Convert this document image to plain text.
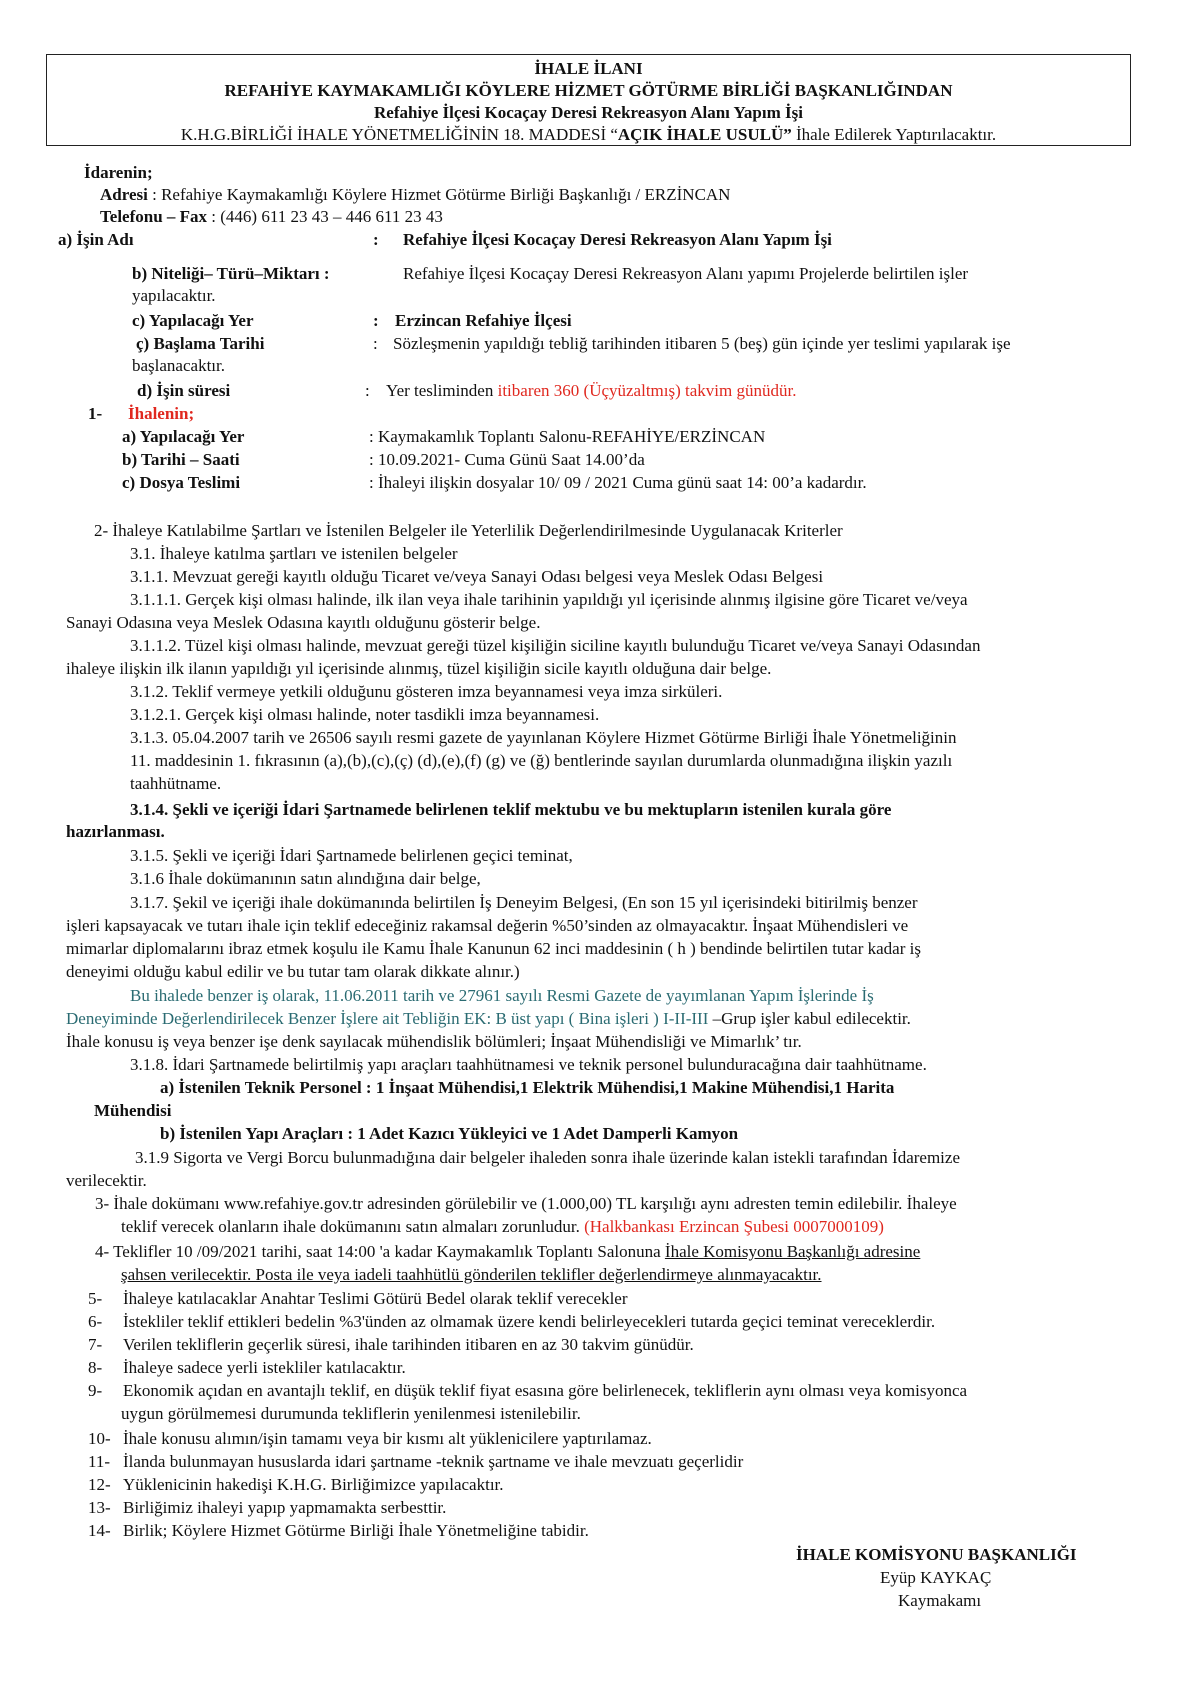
İHALE İLANI
REFAHİYE KAYMAKAMLIĞI KÖYLERE HİZMET GÖTÜRME BİRLİĞİ BAŞKANLIĞINDAN
Refahiye İlçesi Kocaçay Deresi Rekreasyon Alanı Yapım İşi
K.H.G.BİRLİĞİ İHALE YÖNETMELİĞİNİN 18. MADDESİ “AÇIK İHALE USULÜ” İhale Edilerek Yaptırılacaktır.
İdarenin;
Adresi : Refahiye Kaymakamlığı Köylere Hizmet Götürme Birliği Başkanlığı / ERZİNCAN
Telefonu – Fax : (446) 611 23 43 – 446 611 23 43
a) İşin Adı	: Refahiye İlçesi Kocaçay Deresi Rekreasyon Alanı Yapım İşi
b) Niteliği– Türü–Miktarı :	Refahiye İlçesi Kocaçay Deresi Rekreasyon Alanı yapımı Projelerde belirtilen işler
yapılacaktır.
c) Yapılacağı Yer	: Erzincan Refahiye İlçesi
ç) Başlama Tarihi	: Sözleşmenin yapıldığı tebliğ tarihinden itibaren 5 (beş) gün içinde yer teslimi yapılarak işe
başlanacaktır.
d) İşin süresi	: Yer tesliminden itibaren 360 (Üçyüzaltmış) takvim günüdür.
1- İhalenin;
a) Yapılacağı Yer	: Kaymakamlık Toplantı Salonu-REFAHİYE/ERZİNCAN
b) Tarihi – Saati	: 10.09.2021- Cuma Günü Saat 14.00’da
c) Dosya Teslimi	: İhaleyi ilişkin dosyalar 10/ 09 / 2021 Cuma günü saat 14: 00’a kadardır.
2- İhaleye Katılabilme Şartları ve İstenilen Belgeler ile Yeterlilik Değerlendirilmesinde Uygulanacak Kriterler
3.1. İhaleye katılma şartları ve istenilen belgeler
3.1.1. Mevzuat gereği kayıtlı olduğu Ticaret ve/veya Sanayi Odası belgesi veya Meslek Odası Belgesi
3.1.1.1. Gerçek kişi olması halinde, ilk ilan veya ihale tarihinin yapıldığı yıl içerisinde alınmış ilgisine göre Ticaret ve/veya
Sanayi Odasına veya Meslek Odasına kayıtlı olduğunu gösterir belge.
3.1.1.2. Tüzel kişi olması halinde, mevzuat gereği tüzel kişiliğin siciline kayıtlı bulunduğu Ticaret ve/veya Sanayi Odasından
ihaleye ilişkin ilk ilanın yapıldığı yıl içerisinde alınmış, tüzel kişiliğin sicile kayıtlı olduğuna dair belge.
3.1.2. Teklif vermeye yetkili olduğunu gösteren imza beyannamesi veya imza sirküleri.
3.1.2.1. Gerçek kişi olması halinde, noter tasdikli imza beyannamesi.
3.1.3. 05.04.2007 tarih ve 26506 sayılı resmi gazete de yayınlanan Köylere Hizmet Götürme Birliği İhale Yönetmeliğinin
11. maddesinin 1. fıkrasının (a),(b),(c),(ç) (d),(e),(f) (g) ve (ğ) bentlerinde sayılan durumlarda olunmadığına ilişkin yazılı
taahhütname.
3.1.4. Şekli ve içeriği İdari Şartnamede belirlenen teklif mektubu ve bu mektupların istenilen kurala göre
hazırlanması.
3.1.5. Şekli ve içeriği İdari Şartnamede belirlenen geçici teminat,
3.1.6 İhale dokümanının satın alındığına dair belge,
3.1.7. Şekil ve içeriği ihale dokümanında belirtilen İş Deneyim Belgesi, (En son 15 yıl içerisindeki bitirilmiş benzer
işleri kapsayacak ve tutarı ihale için teklif edeceğiniz rakamsal değerin %50’sinden az olmayacaktır. İnşaat Mühendisleri ve
mimarlar diplomalarını ibraz etmek koşulu ile Kamu İhale Kanunun 62 inci maddesinin ( h ) bendinde belirtilen tutar kadar iş
deneyimi olduğu kabul edilir ve bu tutar tam olarak dikkate alınır.)
Bu ihalede benzer iş olarak, 11.06.2011 tarih ve 27961 sayılı Resmi Gazete de yayımlanan Yapım İşlerinde İş
Deneyiminde Değerlendirilecek Benzer İşlere ait Tebliğin EK: B üst yapı ( Bina işleri ) I-II-III –Grup işler kabul edilecektir.
İhale konusu iş veya benzer işe denk sayılacak mühendislik bölümleri; İnşaat Mühendisliği ve Mimarlık’ tır.
3.1.8. İdari Şartnamede belirtilmiş yapı araçları taahhütnamesi ve teknik personel bulunduracağına dair taahhütname.
a) İstenilen Teknik Personel : 1 İnşaat Mühendisi,1 Elektrik Mühendisi,1 Makine Mühendisi,1 Harita
Mühendisi
b) İstenilen Yapı Araçları : 1 Adet Kazıcı Yükleyici ve 1 Adet Damperli Kamyon
3.1.9 Sigorta ve Vergi Borcu bulunmadığına dair belgeler ihaleden sonra ihale üzerinde kalan istekli tarafından İdaremize
verilecektir.
3- İhale dokümanı www.refahiye.gov.tr adresinden görülebilir ve (1.000,00) TL karşılığı aynı adresten temin edilebilir. İhaleye
teklif verecek olanların ihale dokümanını satın almaları zorunludur. (Halkbankası Erzincan Şubesi 0007000109)
4- Teklifler 10 /09/2021 tarihi, saat 14:00 'a kadar Kaymakamlık Toplantı Salonuna İhale Komisyonu Başkanlığı adresine
şahsen verilecektir. Posta ile veya iadeli taahhütlü gönderilen teklifler değerlendirmeye alınmayacaktır.
5- İhaleye katılacaklar Anahtar Teslimi Götürü Bedel olarak teklif verecekler
6- İstekliler teklif ettikleri bedelin %3'ünden az olmamak üzere kendi belirleyecekleri tutarda geçici teminat vereceklerdir.
7- Verilen tekliflerin geçerlik süresi, ihale tarihinden itibaren en az 30 takvim günüdür.
8- İhaleye sadece yerli istekliler katılacaktır.
9- Ekonomik açıdan en avantajlı teklif, en düşük teklif fiyat esasına göre belirlenecek, tekliflerin aynı olması veya komisyonca
uygun görülmemesi durumunda tekliflerin yenilenmesi istenilebilir.
10- İhale konusu alımın/işin tamamı veya bir kısmı alt yüklenicilere yaptırılamaz.
11- İlanda bulunmayan hususlarda idari şartname -teknik şartname ve ihale mevzuatı geçerlidir
12- Yüklenicinin hakedişi K.H.G. Birliğimizce yapılacaktır.
13- Birliğimiz ihaleyi yapıp yapmamakta serbesttir.
14- Birlik; Köylere Hizmet Götürme Birliği İhale Yönetmeliğine tabidir.
İHALE KOMİSYONU BAŞKANLIĞI
Eyüp KAYKAÇ
Kaymakamı
